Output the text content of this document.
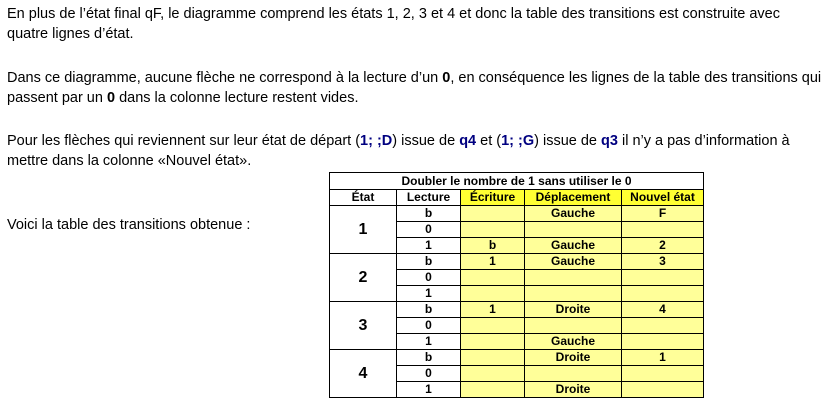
En plus de l’état final qF, le diagramme comprend les états 1, 2, 3 et 4 et donc la table des transitions est construite avec quatre lignes d’état.

Dans ce diagramme, aucune flèche ne correspond à la lecture d’un 0, en conséquence les lignes de la table des transitions qui passent par un 0 dans la colonne lecture restent vides.

Pour les flèches qui reviennent sur leur état de départ (1; ;D) issue de q4 et (1; ;G) issue de q3 il n’y a pas d’information à mettre dans la colonne «Nouvel état».

Voici la table des transitions obtenue :

Doubler le nombre de 1 sans utiliser le 0				
État	Lecture	Écriture	Déplacement	Nouvel état
1	b		Gauche	F
	0			
	1	b	Gauche	2
2	b	1	Gauche	3
	0			
	1			
3	b	1	Droite	4
	0			
	1		Gauche	
4	b		Droite	1
	0			
	1		Droite	
